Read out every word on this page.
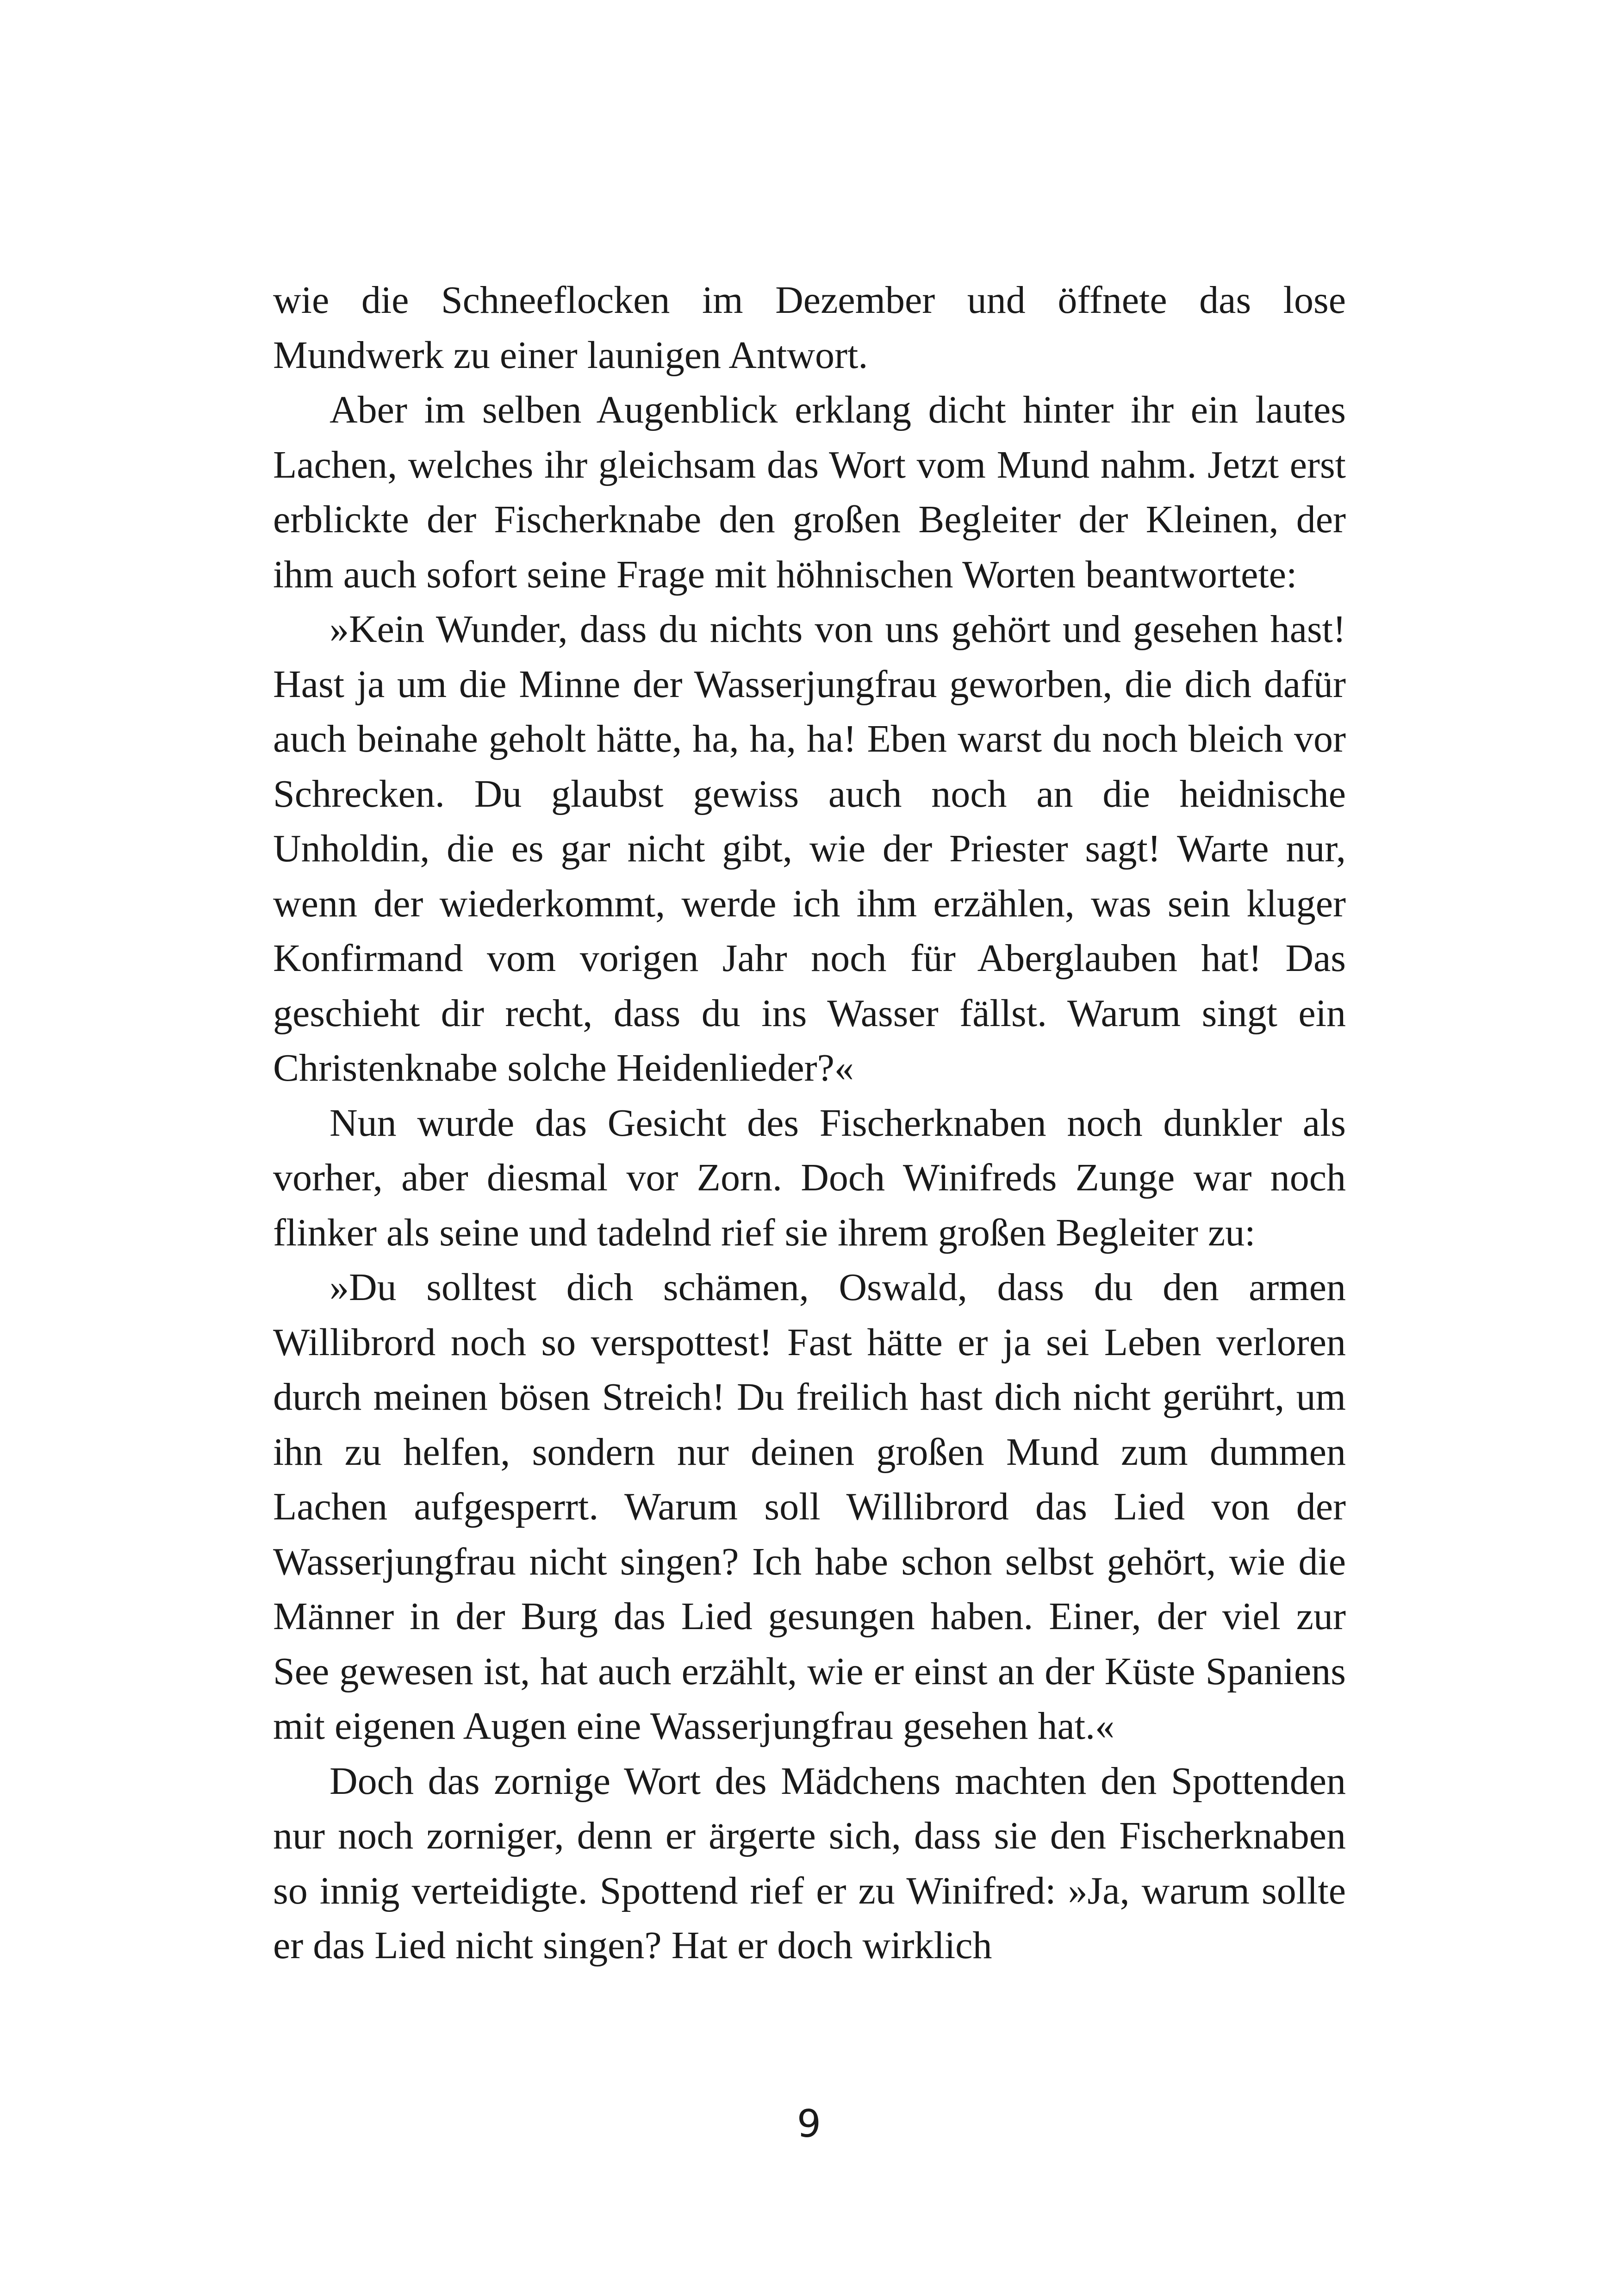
wie die Schneeflocken im Dezember und öffnete das lose Mundwerk zu einer launigen Antwort.

Aber im selben Augenblick erklang dicht hinter ihr ein lautes Lachen, welches ihr gleichsam das Wort vom Mund nahm. Jetzt erst erblickte der Fischerknabe den großen Begleiter der Kleinen, der ihm auch sofort seine Frage mit höhnischen Worten beantwortete:

»Kein Wunder, dass du nichts von uns gehört und gesehen hast! Hast ja um die Minne der Wasserjungfrau geworben, die dich dafür auch beinahe geholt hätte, ha, ha, ha! Eben warst du noch bleich vor Schrecken. Du glaubst gewiss auch noch an die heidnische Unholdin, die es gar nicht gibt, wie der Priester sagt! Warte nur, wenn der wiederkommt, werde ich ihm erzählen, was sein kluger Konfirmand vom vorigen Jahr noch für Aberglauben hat! Das geschieht dir recht, dass du ins Wasser fällst. Warum singt ein Christenknabe solche Heidenlieder?«

Nun wurde das Gesicht des Fischerknaben noch dunkler als vorher, aber diesmal vor Zorn. Doch Winifreds Zunge war noch flinker als seine und tadelnd rief sie ihrem großen Begleiter zu:

»Du solltest dich schämen, Oswald, dass du den armen Willibrord noch so verspottest! Fast hätte er ja sei Leben verloren durch meinen bösen Streich! Du freilich hast dich nicht gerührt, um ihn zu helfen, sondern nur deinen großen Mund zum dummen Lachen aufgesperrt. Warum soll Willibrord das Lied von der Wasserjungfrau nicht singen? Ich habe schon selbst gehört, wie die Männer in der Burg das Lied gesungen haben. Einer, der viel zur See gewesen ist, hat auch erzählt, wie er einst an der Küste Spaniens mit eigenen Augen eine Wasserjungfrau gesehen hat.«

Doch das zornige Wort des Mädchens machten den Spottenden nur noch zorniger, denn er ärgerte sich, dass sie den Fischerknaben so innig verteidigte. Spottend rief er zu Winifred: »Ja, warum sollte er das Lied nicht singen? Hat er doch wirklich

9
